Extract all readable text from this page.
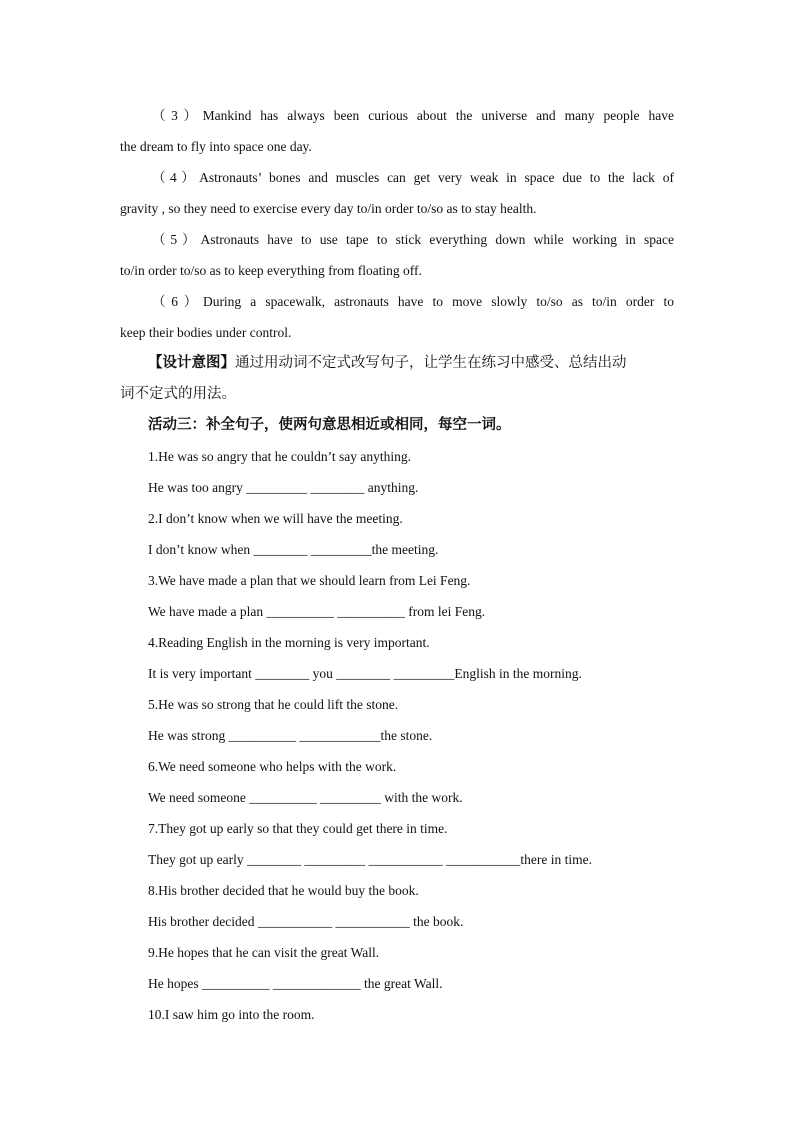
（3）Mankind has always been curious about the universe and many people have
the dream to fly into space one day.
（4）Astronauts’ bones and muscles can get very weak in space due to the lack of
gravity , so they need to exercise every day to/in order to/so as to stay health.
（5）Astronauts have to use tape to stick everything down while working in space
to/in order to/so as to keep everything from floating off.
（6）During a spacewalk, astronauts have to move slowly to/so as to/in order to
keep their bodies under control.
【设计意图】通过用动词不定式改写句子，让学生在练习中感受、总结出动
词不定式的用法。
活动三：补全句子，使两句意思相近或相同，每空一词。
1.He was so angry that he couldn’t say anything.
He was too angry _________ ________ anything.
2.I don’t know when we will have the meeting.
I don’t know when ________ _________the meeting.
3.We have made a plan that we should learn from Lei Feng.
We have made a plan __________ __________ from lei Feng.
4.Reading English in the morning is very important.
It is very important ________ you ________ _________English in the morning.
5.He was so strong that he could lift the stone.
He was strong __________ ____________the stone.
6.We need someone who helps with the work.
We need someone __________ _________ with the work.
7.They got up early so that they could get there in time.
They got up early ________ _________ ___________ ___________there in time.
8.His brother decided that he would buy the book.
His brother decided ___________ ___________ the book.
9.He hopes that he can visit the great Wall.
He hopes __________ _____________ the great Wall.
10.I saw him go into the room.
